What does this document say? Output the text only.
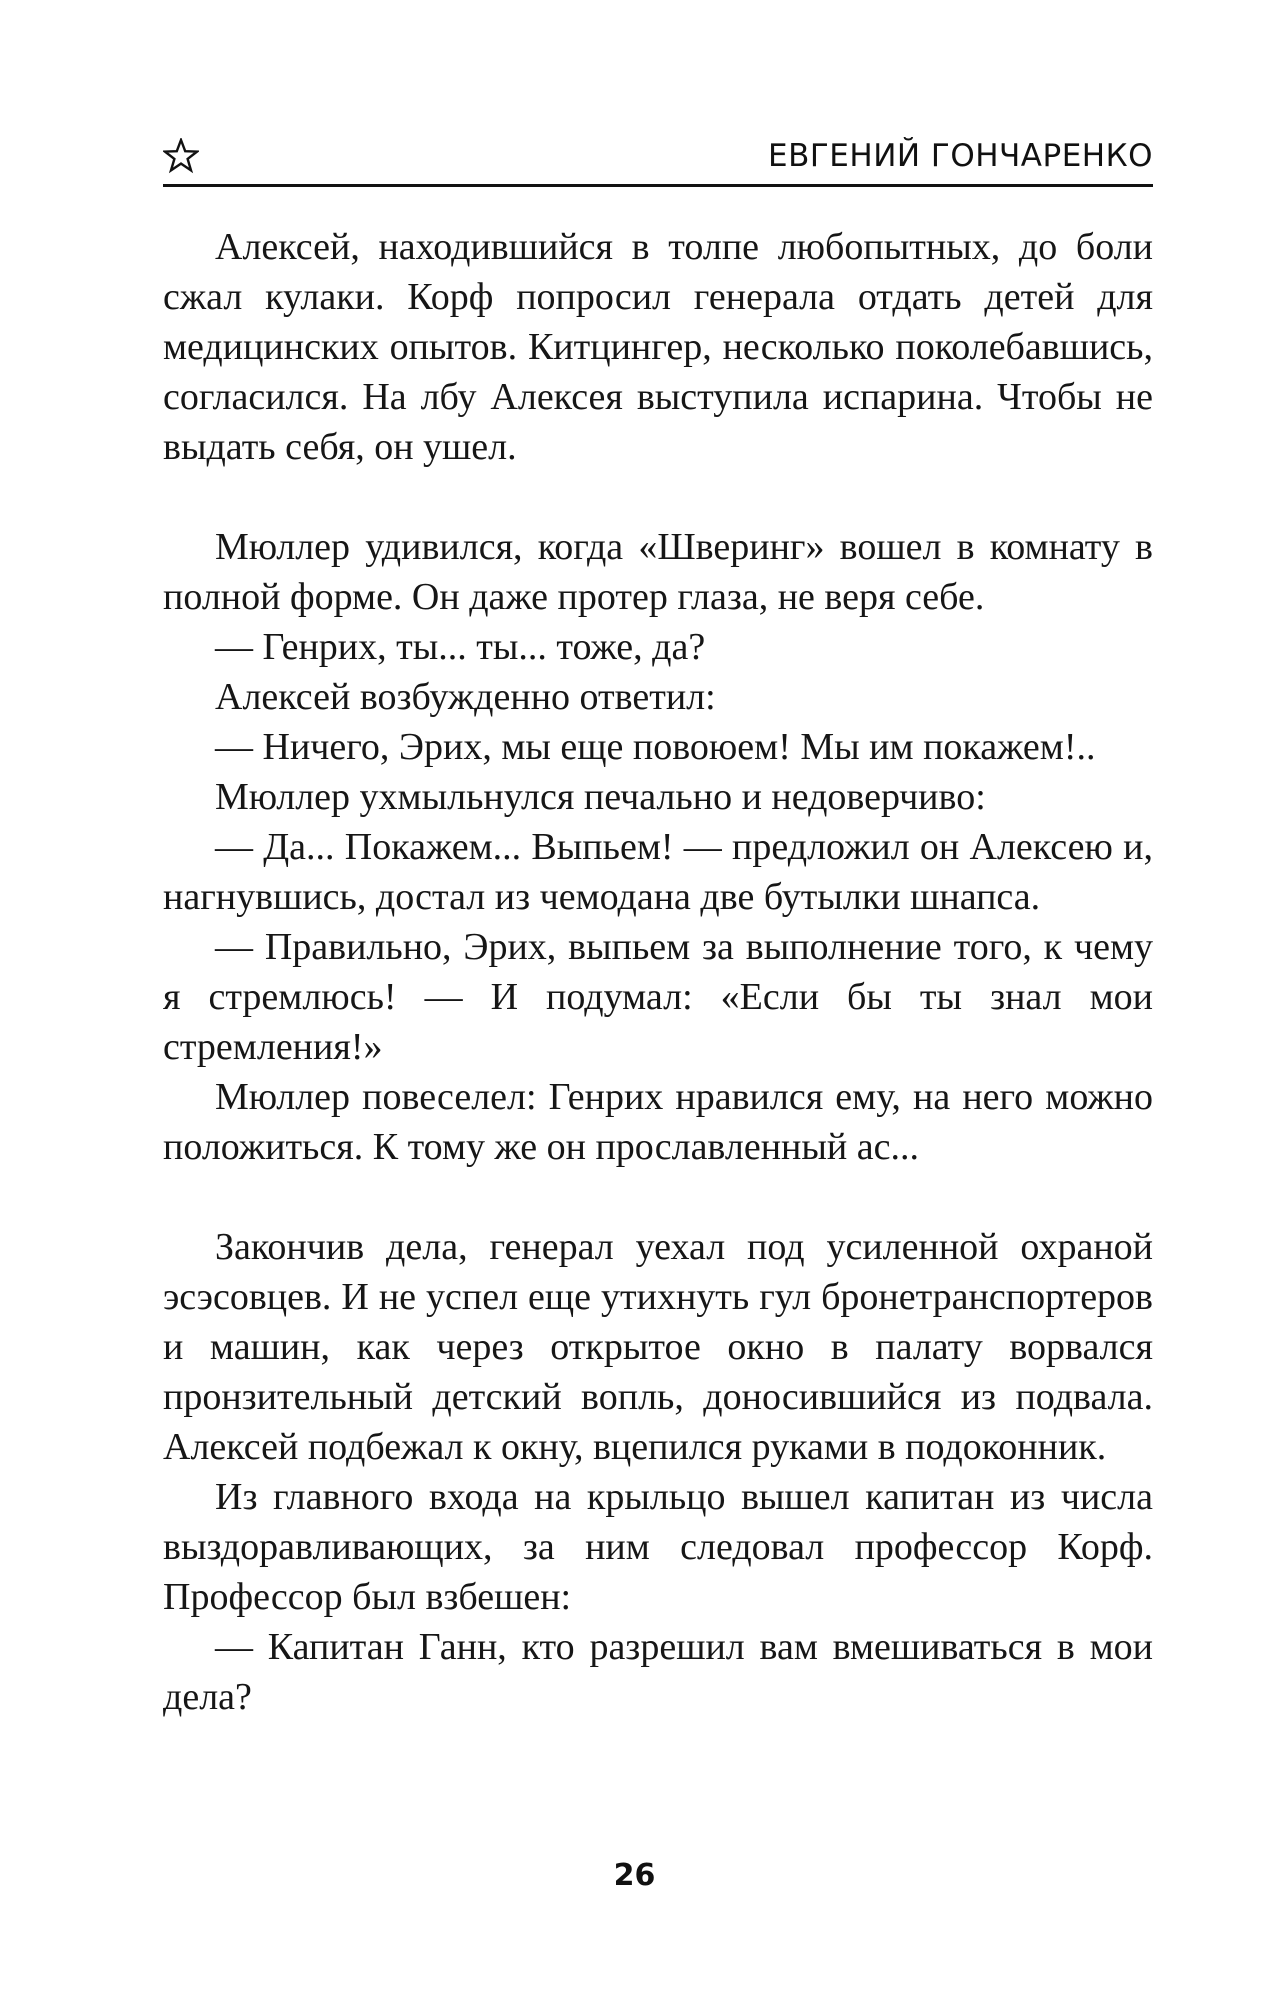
ЕВГЕНИЙ ГОНЧАРЕНКО

Алексей, находившийся в толпе любопытных, до боли сжал кулаки. Корф попросил генерала отдать детей для медицинских опытов. Китцингер, несколько поколебавшись, согласился. На лбу Алексея выступила испарина. Чтобы не выдать себя, он ушел.

Мюллер удивился, когда «Шверинг» вошел в комнату в полной форме. Он даже протер глаза, не веря себе.

— Генрих, ты... ты... тоже, да?

Алексей возбужденно ответил:

— Ничего, Эрих, мы еще повоюем! Мы им покажем!..

Мюллер ухмыльнулся печально и недоверчиво:

— Да... Покажем... Выпьем! — предложил он Алексею и, нагнувшись, достал из чемодана две бутылки шнапса.

— Правильно, Эрих, выпьем за выполнение того, к чему я стремлюсь! — И подумал: «Если бы ты знал мои стремления!»

Мюллер повеселел: Генрих нравился ему, на него можно положиться. К тому же он прославленный ас...

Закончив дела, генерал уехал под усиленной охраной эсэсовцев. И не успел еще утихнуть гул бронетранспортеров и машин, как через открытое окно в палату ворвался пронзительный детский вопль, доносившийся из подвала. Алексей подбежал к окну, вцепился руками в подоконник.

Из главного входа на крыльцо вышел капитан из числа выздоравливающих, за ним следовал профессор Корф. Профессор был взбешен:

— Капитан Ганн, кто разрешил вам вмешиваться в мои дела?

26
